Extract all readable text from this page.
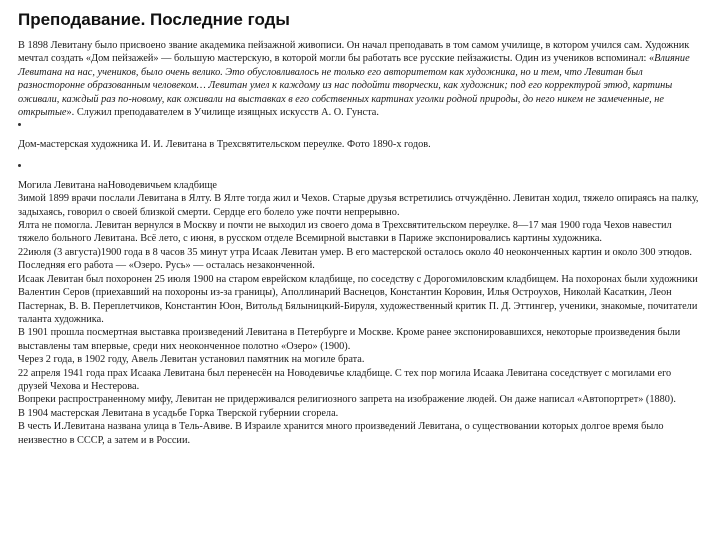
Преподавание. Последние годы
В 1898 Левитану было присвоено звание академика пейзажной живописи. Он начал преподавать в том самом училище, в котором учился сам. Художник мечтал создать «Дом пейзажей» — большую мастерскую, в которой могли бы работать все русские пейзажисты. Один из учеников вспоминал: «Влияние Левитана на нас, учеников, было очень велико. Это обусловливалось не только его авторитетом как художника, но и тем, что Левитан был разносторонне образованным человеком… Левитан умел к каждому из нас подойти творчески, как художник; под его корректурой этюд, картины оживали, каждый раз по-новому, как оживали на выставках в его собственных картинах уголки родной природы, до него никем не замеченные, не открытые». Служил преподавателем в Училище изящных искусств А. О. Гунста.
Дом-мастерская художника И. И. Левитана в Трехсвятительском переулке. Фото 1890-х годов.

Могила Левитана наНоводевичьем кладбище

Зимой 1899 врачи послали Левитана в Ялту. В Ялте тогда жил и Чехов. Старые друзья встретились отчуждённо. Левитан ходил, тяжело опираясь на палку, задыхаясь, говорил о своей близкой смерти. Сердце его болело уже почти непрерывно.

Ялта не помогла. Левитан вернулся в Москву и почти не выходил из своего дома в Трехсвятительском переулке. 8—17 мая 1900 года Чехов навестил тяжело больного Левитана. Всё лето, с июня, в русском отделе Всемирной выставки в Париже экспонировались картины художника.

22июля (3 августа)1900 года в 8 часов 35 минут утра Исаак Левитан умер. В его мастерской осталось около 40 неоконченных картин и около 300 этюдов. Последняя его работа — «Озеро. Русь» — осталась незаконченной.

Исаак Левитан был похоронен 25 июля 1900 на старом еврейском кладбище, по соседству с Дорогомиловским кладбищем. На похоронах были художники Валентин Серов (приехавший на похороны из-за границы), Аполлинарий Васнецов, Константин Коровин, Илья Остроухов, Николай Касаткин, Леон Пастернак, В. В. Переплетчиков, Константин Юон, Витольд Бялыницкий-Бируля, художественный критик П. Д. Эттингер, ученики, знакомые, почитатели таланта художника.

В 1901 прошла посмертная выставка произведений Левитана в Петербурге и Москве. Кроме ранее экспонировавшихся, некоторые произведения были выставлены там впервые, среди них неоконченное полотно «Озеро» (1900).

Через 2 года, в 1902 году, Авель Левитан установил памятник на могиле брата.

22 апреля 1941 года прах Исаака Левитана был перенесён на Новодевичье кладбище. С тех пор могила Исаака Левитана соседствует с могилами его друзей Чехова и Нестерова.

Вопреки распространенному мифу, Левитан не придерживался религиозного запрета на изображение людей. Он даже написал «Автопортрет» (1880).

В 1904 мастерская Левитана в усадьбе Горка Тверской губернии сгорела.

В честь И.Левитана названа улица в Тель-Авиве. В Израиле хранится много произведений Левитана, о существовании которых долгое время было неизвестно в СССР, а затем и в России.
